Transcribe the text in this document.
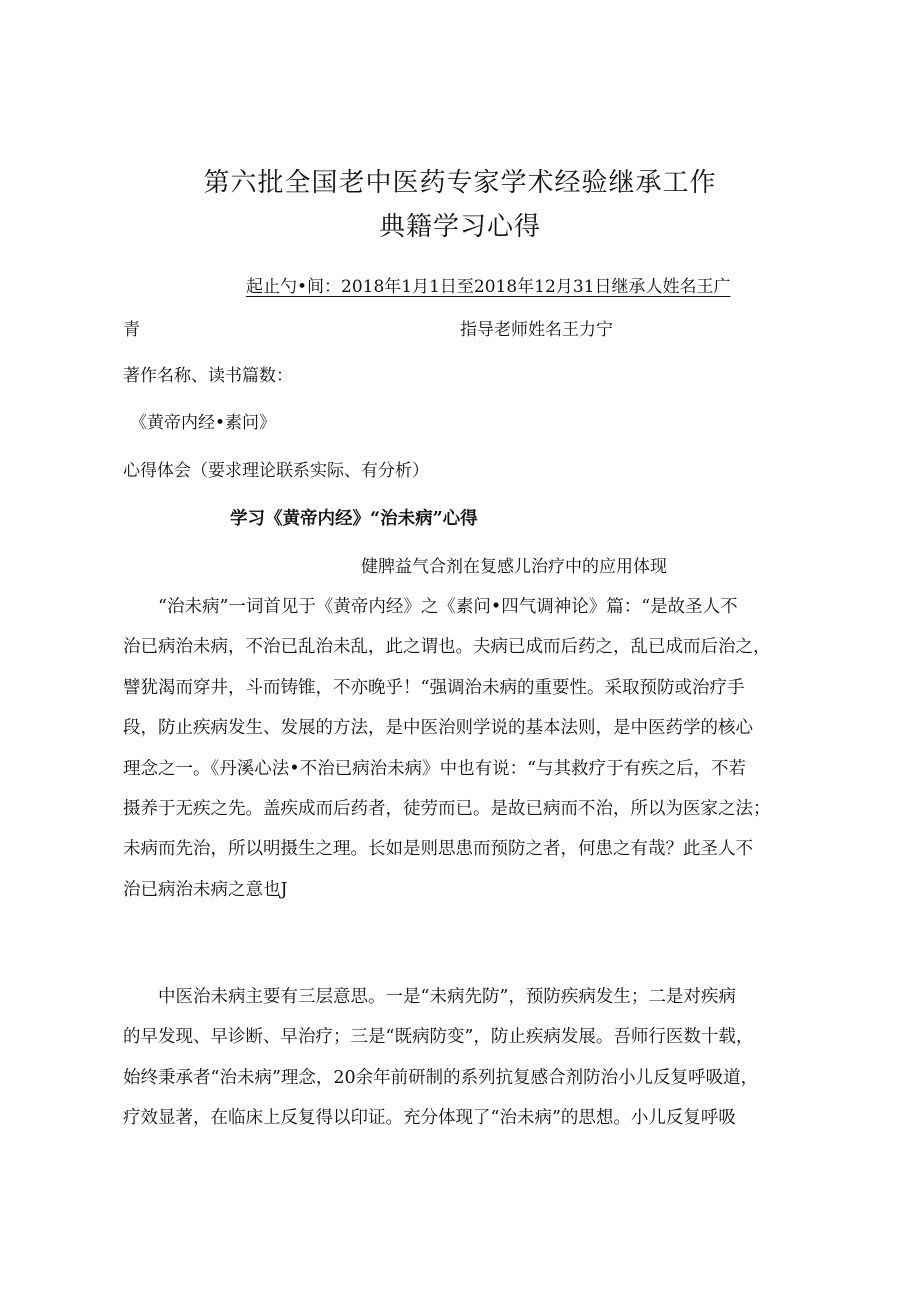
第六批全国老中医药专家学术经验继承工作
典籍学习心得
起止勺•间：2018年1月1日至2018年12月31日继承人姓名王广
青	指导老师姓名王力宁
著作名称、读书篇数：
《黄帝内经•素问》
心得体会（要求理论联系实际、有分析）
学习《黄帝内经》“治未病”心得
健脾益气合剂在复感儿治疗中的应用体现
　　“治未病”一词首见于《黄帝内经》之《素问•四气调神论》篇：“是故圣人不
治已病治未病，不治已乱治未乱，此之谓也。夫病已成而后药之，乱已成而后治之，
譬犹渴而穿井，斗而铸锥，不亦晚乎！“强调治未病的重要性。采取预防或治疗手
段，防止疾病发生、发展的方法，是中医治则学说的基本法则，是中医药学的核心
理念之一。《丹溪心法•不治已病治未病》中也有说：“与其救疗于有疾之后，不若
摄养于无疾之先。盖疾成而后药者，徒劳而已。是故已病而不治，所以为医家之法；
未病而先治，所以明摄生之理。长如是则思患而预防之者，何患之有哉？此圣人不
治已病治未病之意也J
　　中医治未病主要有三层意思。一是“未病先防”，预防疾病发生；二是对疾病
的早发现、早诊断、早治疗；三是“既病防变”，防止疾病发展。吾师行医数十载，
始终秉承者“治未病”理念，20余年前研制的系列抗复感合剂防治小儿反复呼吸道，
疗效显著，在临床上反复得以印证。充分体现了“治未病”的思想。小儿反复呼吸
